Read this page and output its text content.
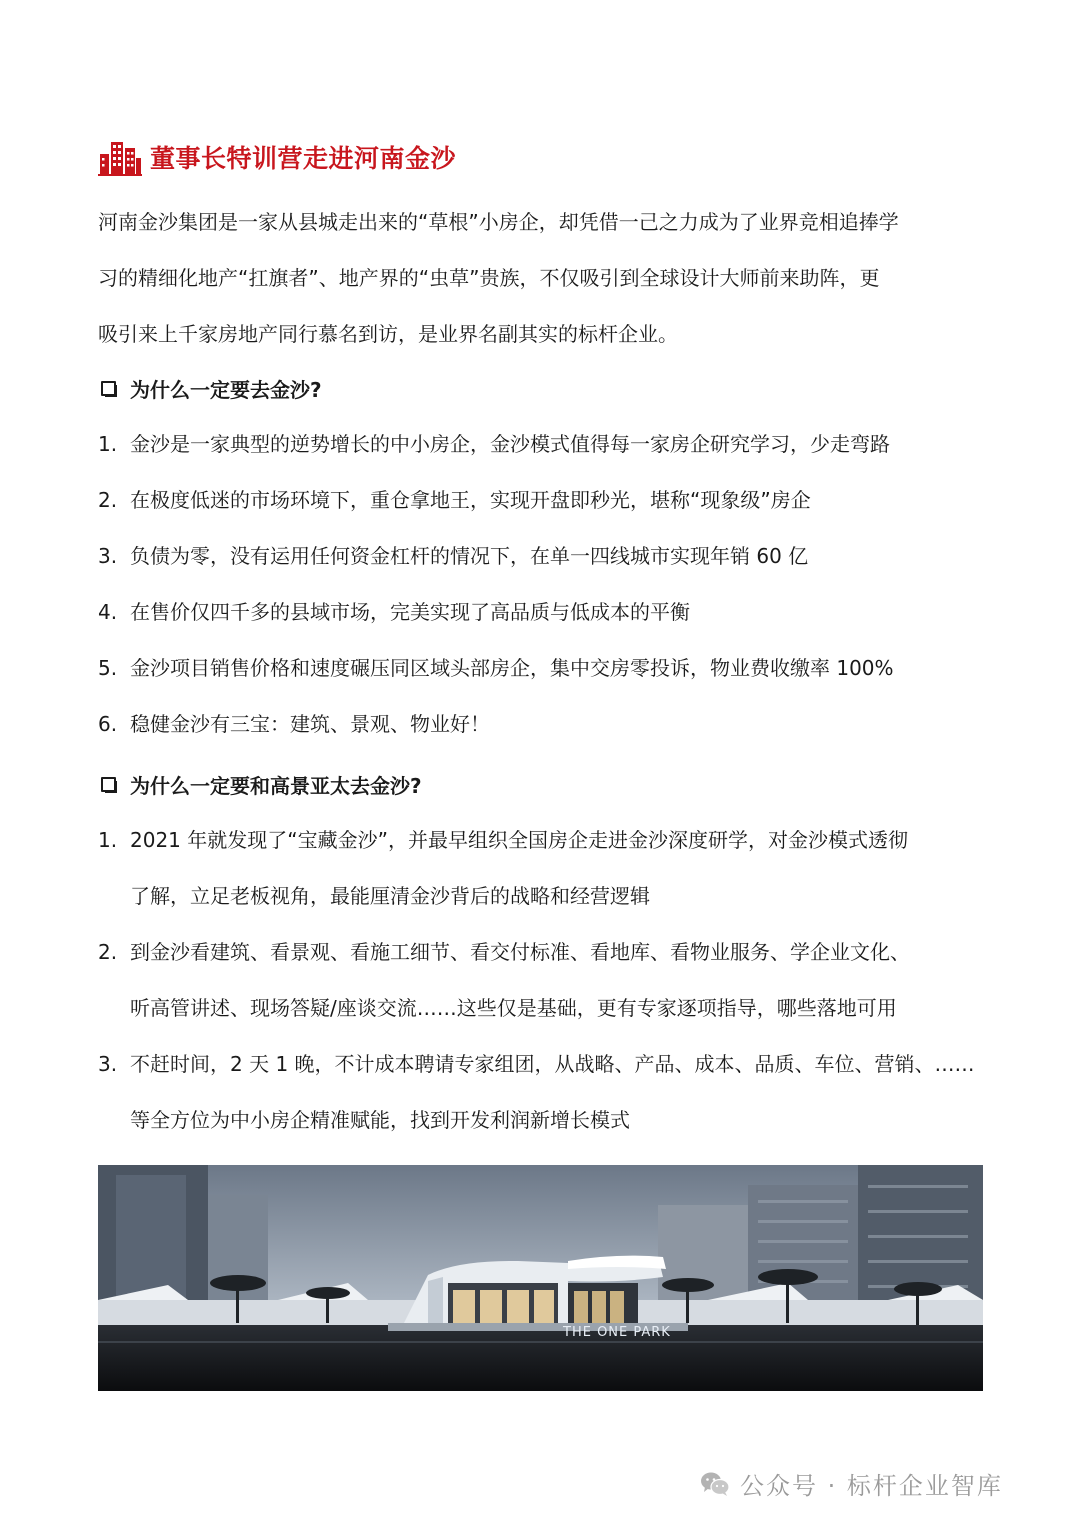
董事长特训营走进河南金沙

河南金沙集团是一家从县城走出来的“草根”小房企，却凭借一己之力成为了业界竞相追捧学
习的精细化地产“扛旗者”、地产界的“虫草”贵族，不仅吸引到全球设计大师前来助阵，更
吸引来上千家房地产同行慕名到访，是业界名副其实的标杆企业。

为什么一定要去金沙?
1. 金沙是一家典型的逆势增长的中小房企，金沙模式值得每一家房企研究学习，少走弯路
2. 在极度低迷的市场环境下，重仓拿地王，实现开盘即秒光，堪称“现象级”房企
3. 负债为零，没有运用任何资金杠杆的情况下，在单一四线城市实现年销 60 亿
4. 在售价仅四千多的县域市场，完美实现了高品质与低成本的平衡
5. 金沙项目销售价格和速度碾压同区域头部房企，集中交房零投诉，物业费收缴率 100%
6. 稳健金沙有三宝：建筑、景观、物业好！
为什么一定要和高景亚太去金沙?
1. 2021 年就发现了“宝藏金沙”，并最早组织全国房企走进金沙深度研学，对金沙模式透彻
了解，立足老板视角，最能厘清金沙背后的战略和经营逻辑
2. 到金沙看建筑、看景观、看施工细节、看交付标准、看地库、看物业服务、学企业文化、
听高管讲述、现场答疑/座谈交流……这些仅是基础，更有专家逐项指导，哪些落地可用
3. 不赶时间，2 天 1 晚，不计成本聘请专家组团，从战略、产品、成本、品质、车位、营销、……
等全方位为中小房企精准赋能，找到开发利润新增长模式
THE ONE PARK
公众号 · 标杆企业智库
